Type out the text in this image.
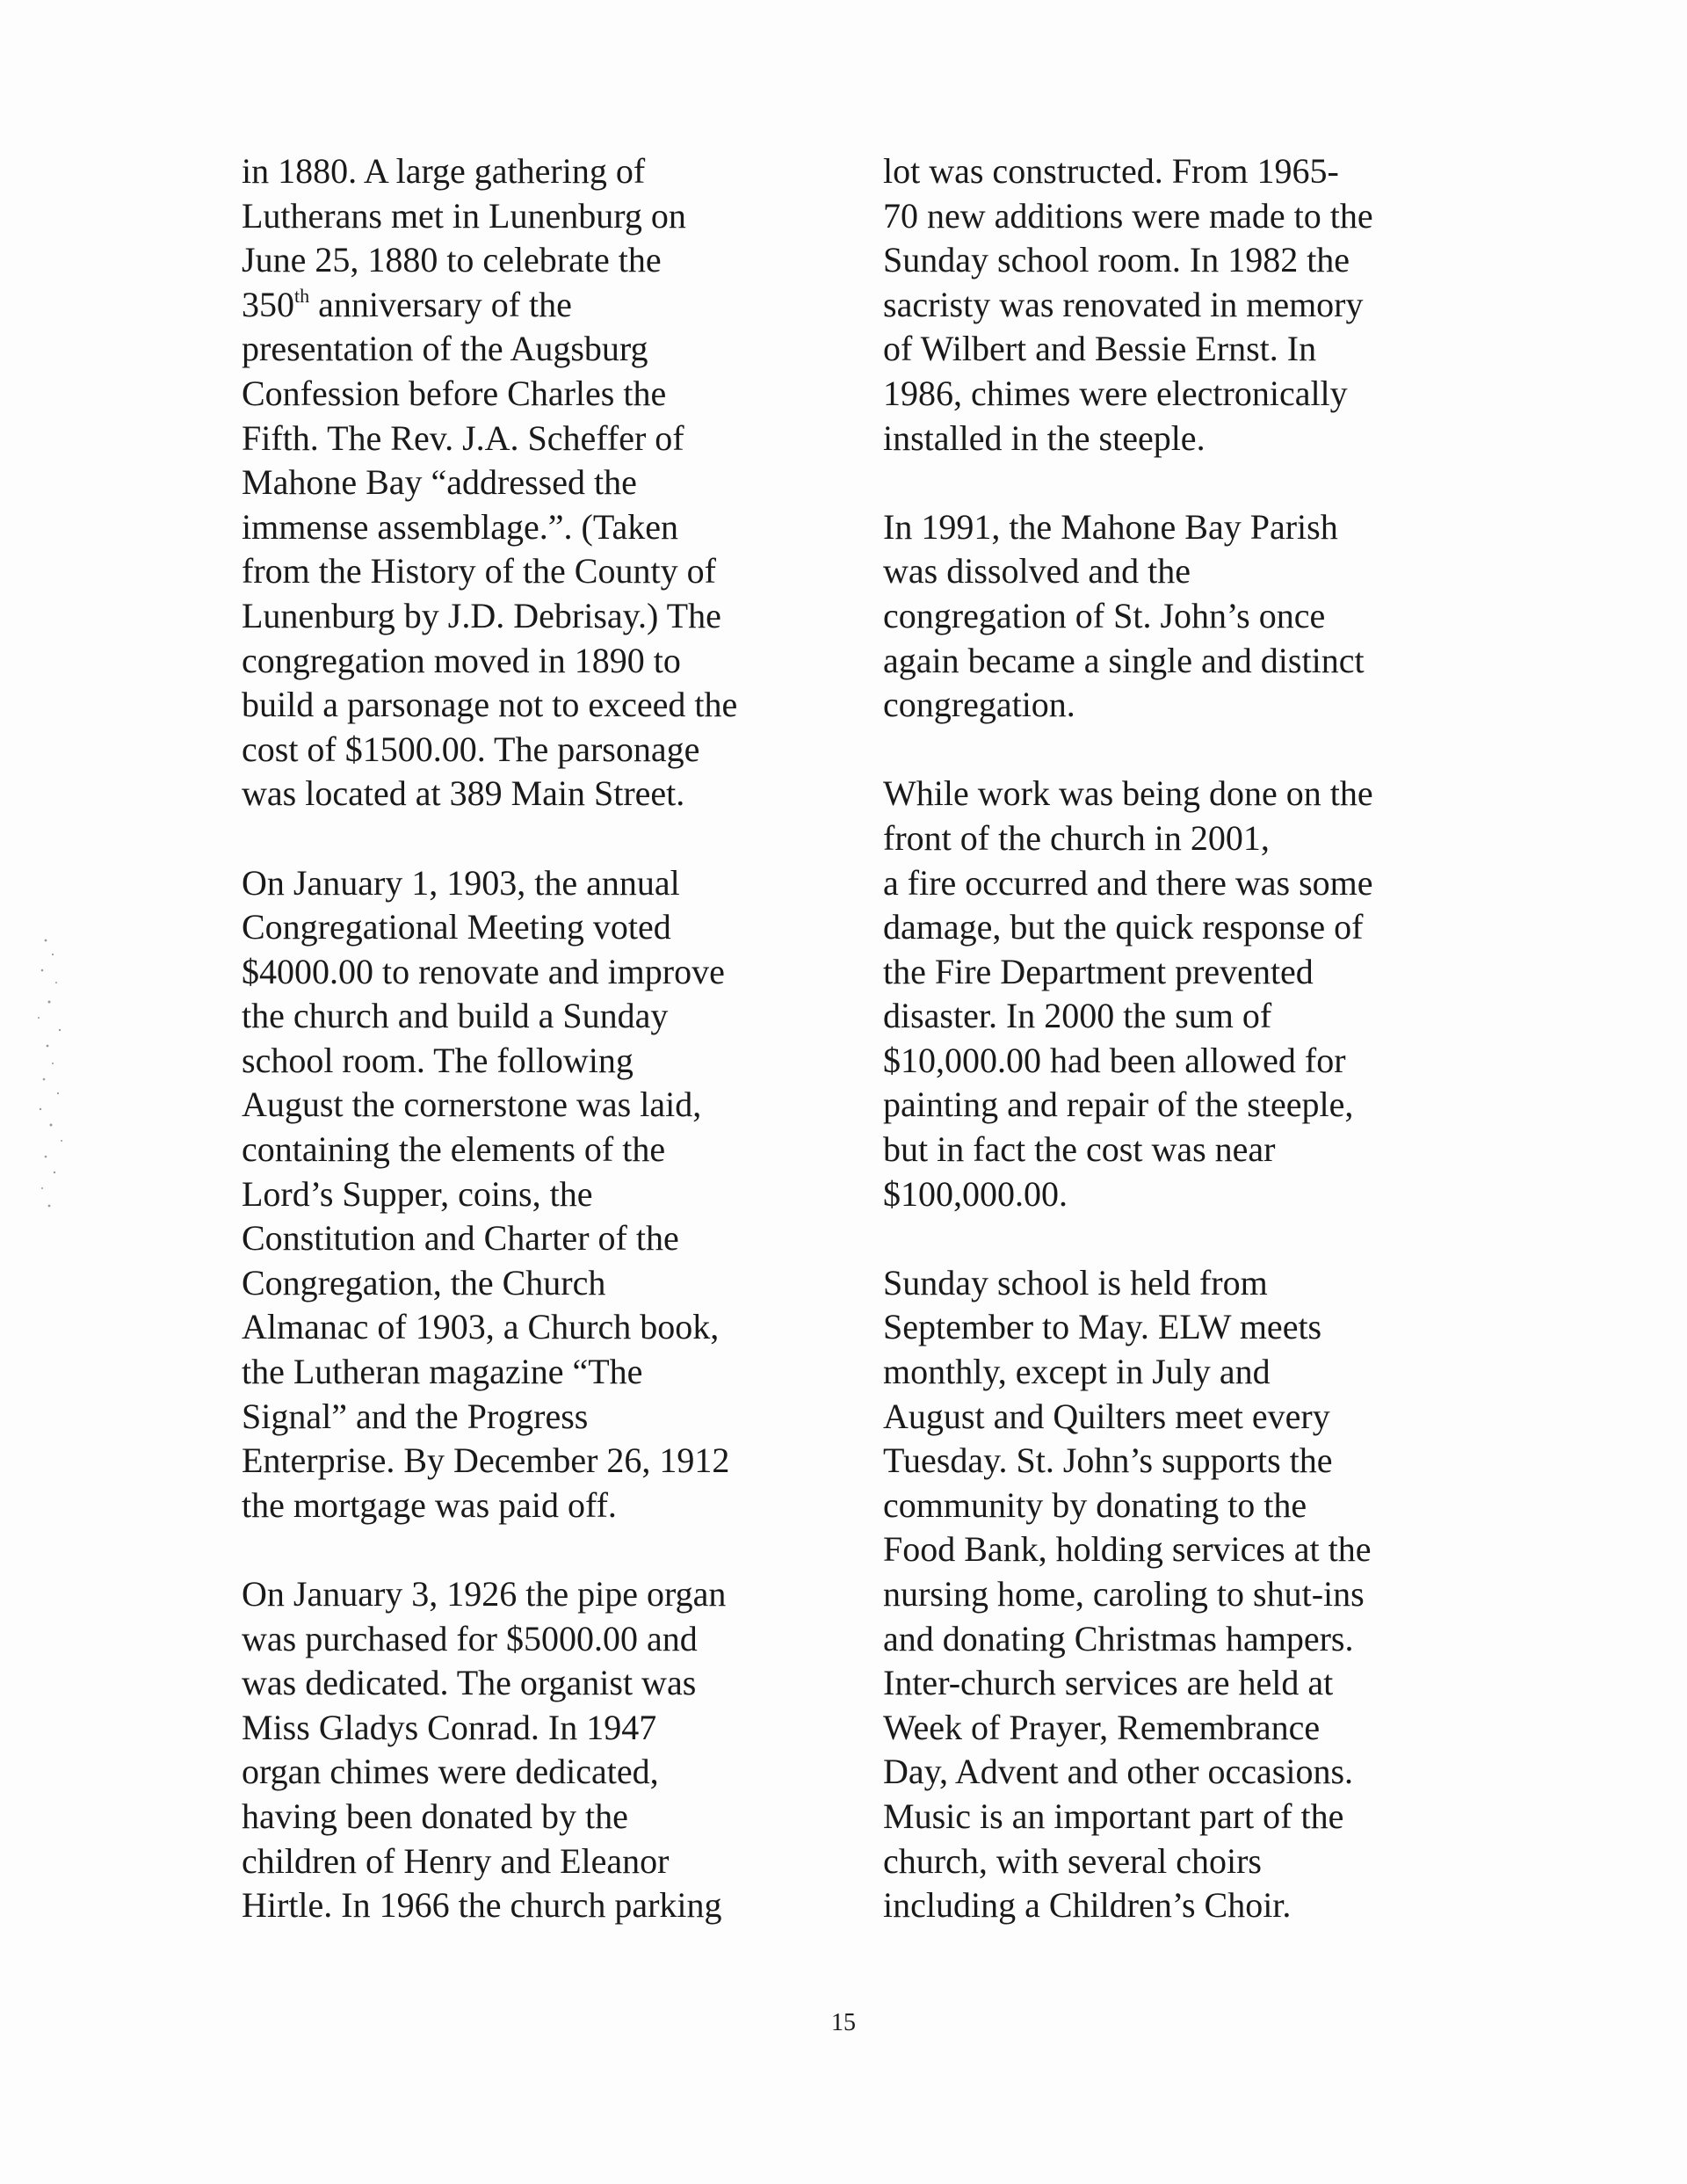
in 1880. A large gathering of
Lutherans met in Lunenburg on
June 25, 1880 to celebrate the
350th anniversary of the
presentation of the Augsburg
Confession before Charles the
Fifth. The Rev. J.A. Scheffer of
Mahone Bay “addressed the
immense assemblage.”. (Taken
from the History of the County of
Lunenburg by J.D. Debrisay.) The
congregation moved in 1890 to
build a parsonage not to exceed the
cost of $1500.00. The parsonage
was located at 389 Main Street.
On January 1, 1903, the annual
Congregational Meeting voted
$4000.00 to renovate and improve
the church and build a Sunday
school room. The following
August the cornerstone was laid,
containing the elements of the
Lord’s Supper, coins, the
Constitution and Charter of the
Congregation, the Church
Almanac of 1903, a Church book,
the Lutheran magazine “The
Signal” and the Progress
Enterprise. By December 26, 1912
the mortgage was paid off.
On January 3, 1926 the pipe organ
was purchased for $5000.00 and
was dedicated. The organist was
Miss Gladys Conrad. In 1947
organ chimes were dedicated,
having been donated by the
children of Henry and Eleanor
Hirtle. In 1966 the church parking
lot was constructed. From 1965-
70 new additions were made to the
Sunday school room. In 1982 the
sacristy was renovated in memory
of Wilbert and Bessie Ernst. In
1986, chimes were electronically
installed in the steeple.
In 1991, the Mahone Bay Parish
was dissolved and the
congregation of St. John’s once
again became a single and distinct
congregation.
While work was being done on the
front of the church in 2001,
a fire occurred and there was some
damage, but the quick response of
the Fire Department prevented
disaster. In 2000 the sum of
$10,000.00 had been allowed for
painting and repair of the steeple,
but in fact the cost was near
$100,000.00.
Sunday school is held from
September to May. ELW meets
monthly, except in July and
August and Quilters meet every
Tuesday. St. John’s supports the
community by donating to the
Food Bank, holding services at the
nursing home, caroling to shut-ins
and donating Christmas hampers.
Inter-church services are held at
Week of Prayer, Remembrance
Day, Advent and other occasions.
Music is an important part of the
church, with several choirs
including a Children’s Choir.
15
